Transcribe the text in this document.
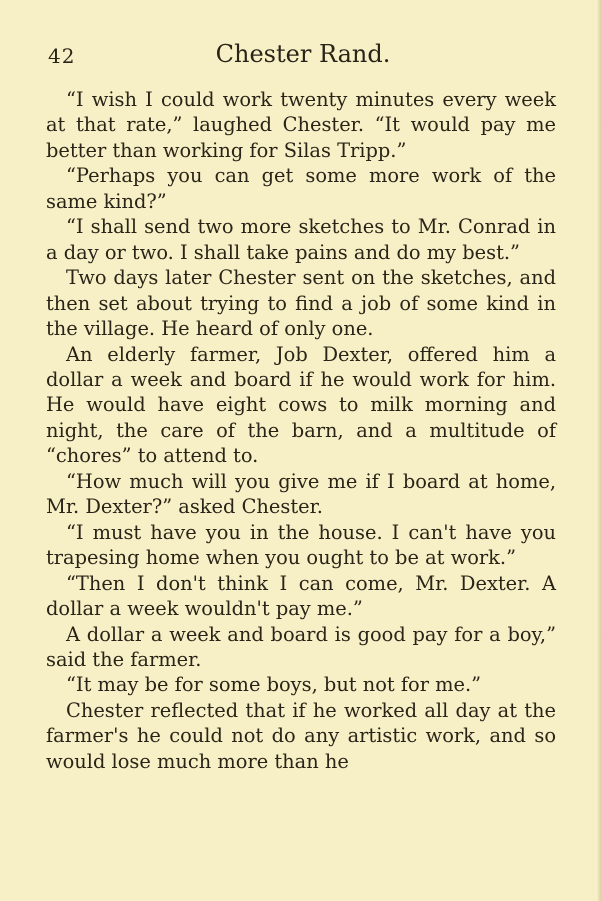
42	Chester Rand.

“I wish I could work twenty minutes every week at that rate,” laughed Chester. “It would pay me better than working for Silas Tripp.”

“Perhaps you can get some more work of the same kind?”

“I shall send two more sketches to Mr. Conrad in a day or two. I shall take pains and do my best.”

Two days later Chester sent on the sketches, and then set about trying to find a job of some kind in the village. He heard of only one.

An elderly farmer, Job Dexter, offered him a dollar a week and board if he would work for him. He would have eight cows to milk morning and night, the care of the barn, and a multitude of “chores” to attend to.

“How much will you give me if I board at home, Mr. Dexter?” asked Chester.

“I must have you in the house. I can't have you trapesing home when you ought to be at work.”

“Then I don't think I can come, Mr. Dexter. A dollar a week wouldn't pay me.”

A dollar a week and board is good pay for a boy,” said the farmer.

“It may be for some boys, but not for me.”

Chester reflected that if he worked all day at the farmer's he could not do any artistic work, and so would lose much more than he
